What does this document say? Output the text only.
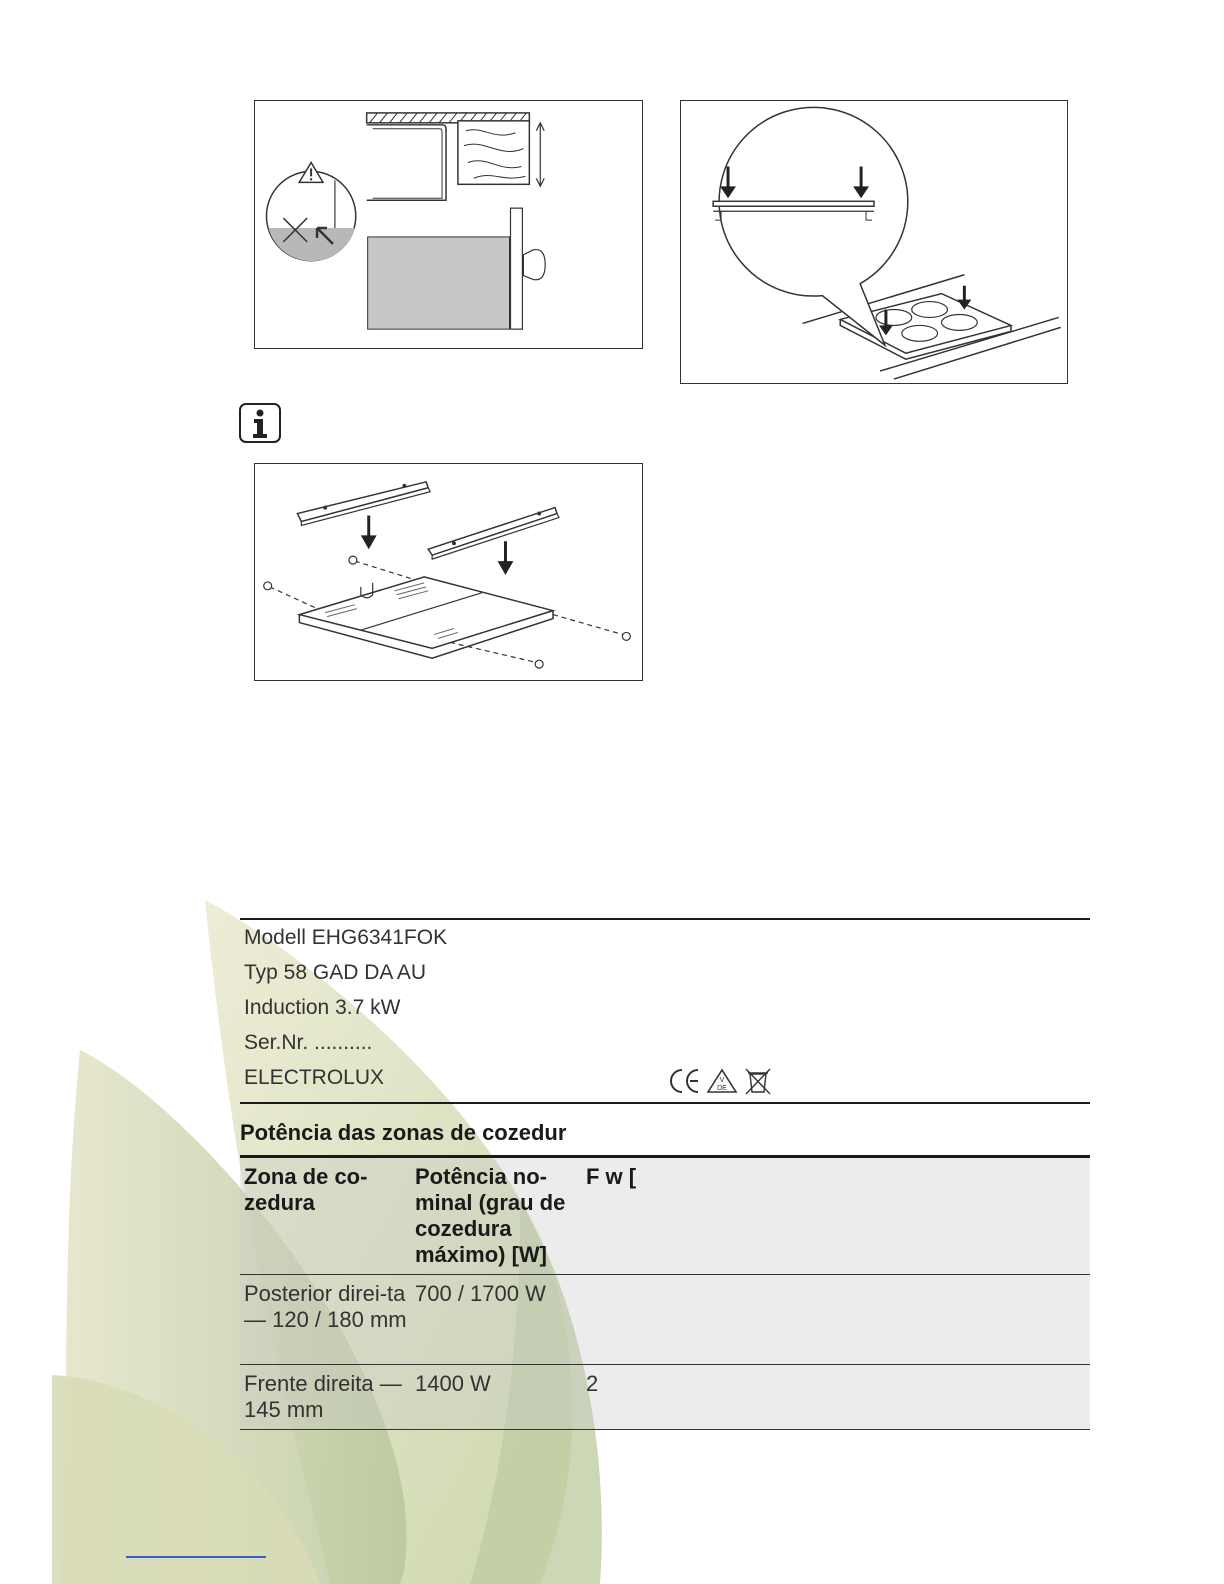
Modell EHG6341FOK
Typ 58 GAD DA AU
Induction 3.7 kW
Ser.Nr. ..........
ELECTROLUX	V
DE
Potência das zonas de cozedur
Zona de co-zedura	Potência no-minal (grau de cozedura máximo) [W]	F w [
Posterior direi-ta — 120 / 180 mm	700 / 1700 W	
Frente direita — 145 mm	1400 W	2
